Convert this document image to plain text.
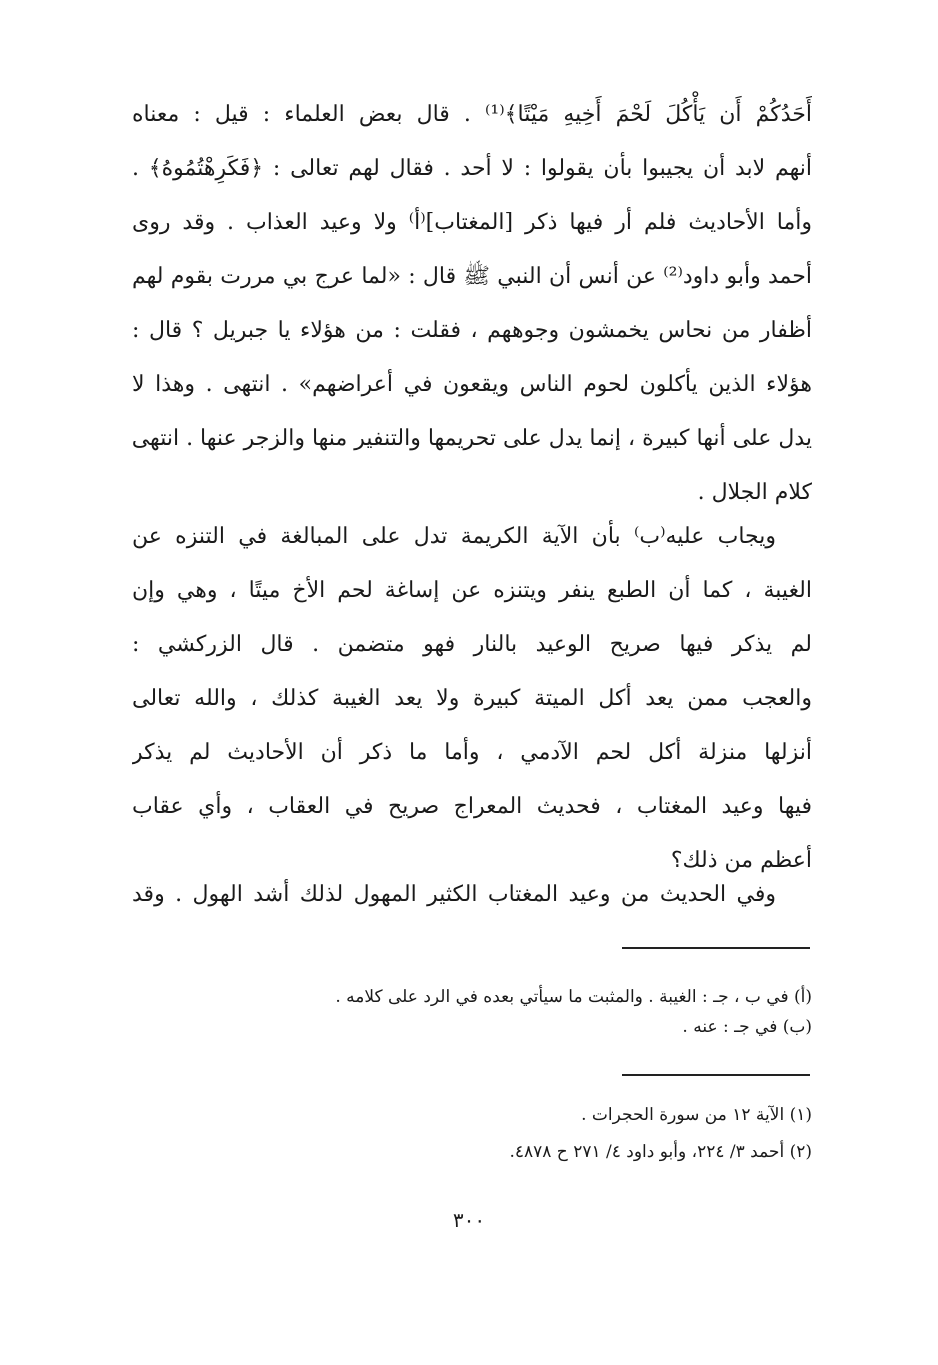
أَحَدُكُمْ أَن يَأْكُلَ لَحْمَ أَخِيهِ مَيْتًا﴾⁽¹⁾ . قال بعض العلماء : قيل : معناه
أنهم لابد أن يجيبوا بأن يقولوا : لا أحد . فقال لهم تعالى : ﴿فَكَرِهْتُمُوهُ﴾ .
وأما الأحاديث فلم أر فيها ذكر [المغتاب]⁽أ⁾ ولا وعيد العذاب . وقد روى
أحمد وأبو داود⁽²⁾ عن أنس أن النبي ﷺ قال : «لما عرج بي مررت بقوم لهم
أظفار من نحاس يخمشون وجوههم ، فقلت : من هؤلاء يا جبريل ؟ قال :
هؤلاء الذين يأكلون لحوم الناس ويقعون في أعراضهم» . انتهى . وهذا لا
يدل على أنها كبيرة ، إنما يدل على تحريمها والتنفير منها والزجر عنها . انتهى
كلام الجلال .
ويجاب عليه⁽ب⁾ بأن الآية الكريمة تدل على المبالغة في التنزه عن
الغيبة ، كما أن الطبع ينفر ويتنزه عن إساغة لحم الأخ ميتًا ، وهي وإن
لم يذكر فيها صريح الوعيد بالنار فهو متضمن . قال الزركشي :
والعجب ممن يعد أكل الميتة كبيرة ولا يعد الغيبة كذلك ، والله تعالى
أنزلها منزلة أكل لحم الآدمي ، وأما ما ذكر أن الأحاديث لم يذكر
فيها وعيد المغتاب ، فحديث المعراج صريح في العقاب ، وأي عقاب
أعظم من ذلك؟
وفي الحديث من وعيد المغتاب الكثير المهول لذلك أشد الهول . وقد
(أ) في ب ، جـ : الغيبة . والمثبت ما سيأتي بعده في الرد على كلامه .
(ب) في جـ : عنه .
(١) الآية ١٢ من سورة الحجرات .
(٢) أحمد ٣/ ٢٢٤، وأبو داود ٤/ ٢٧١ ح ٤٨٧٨.
٣٠٠
